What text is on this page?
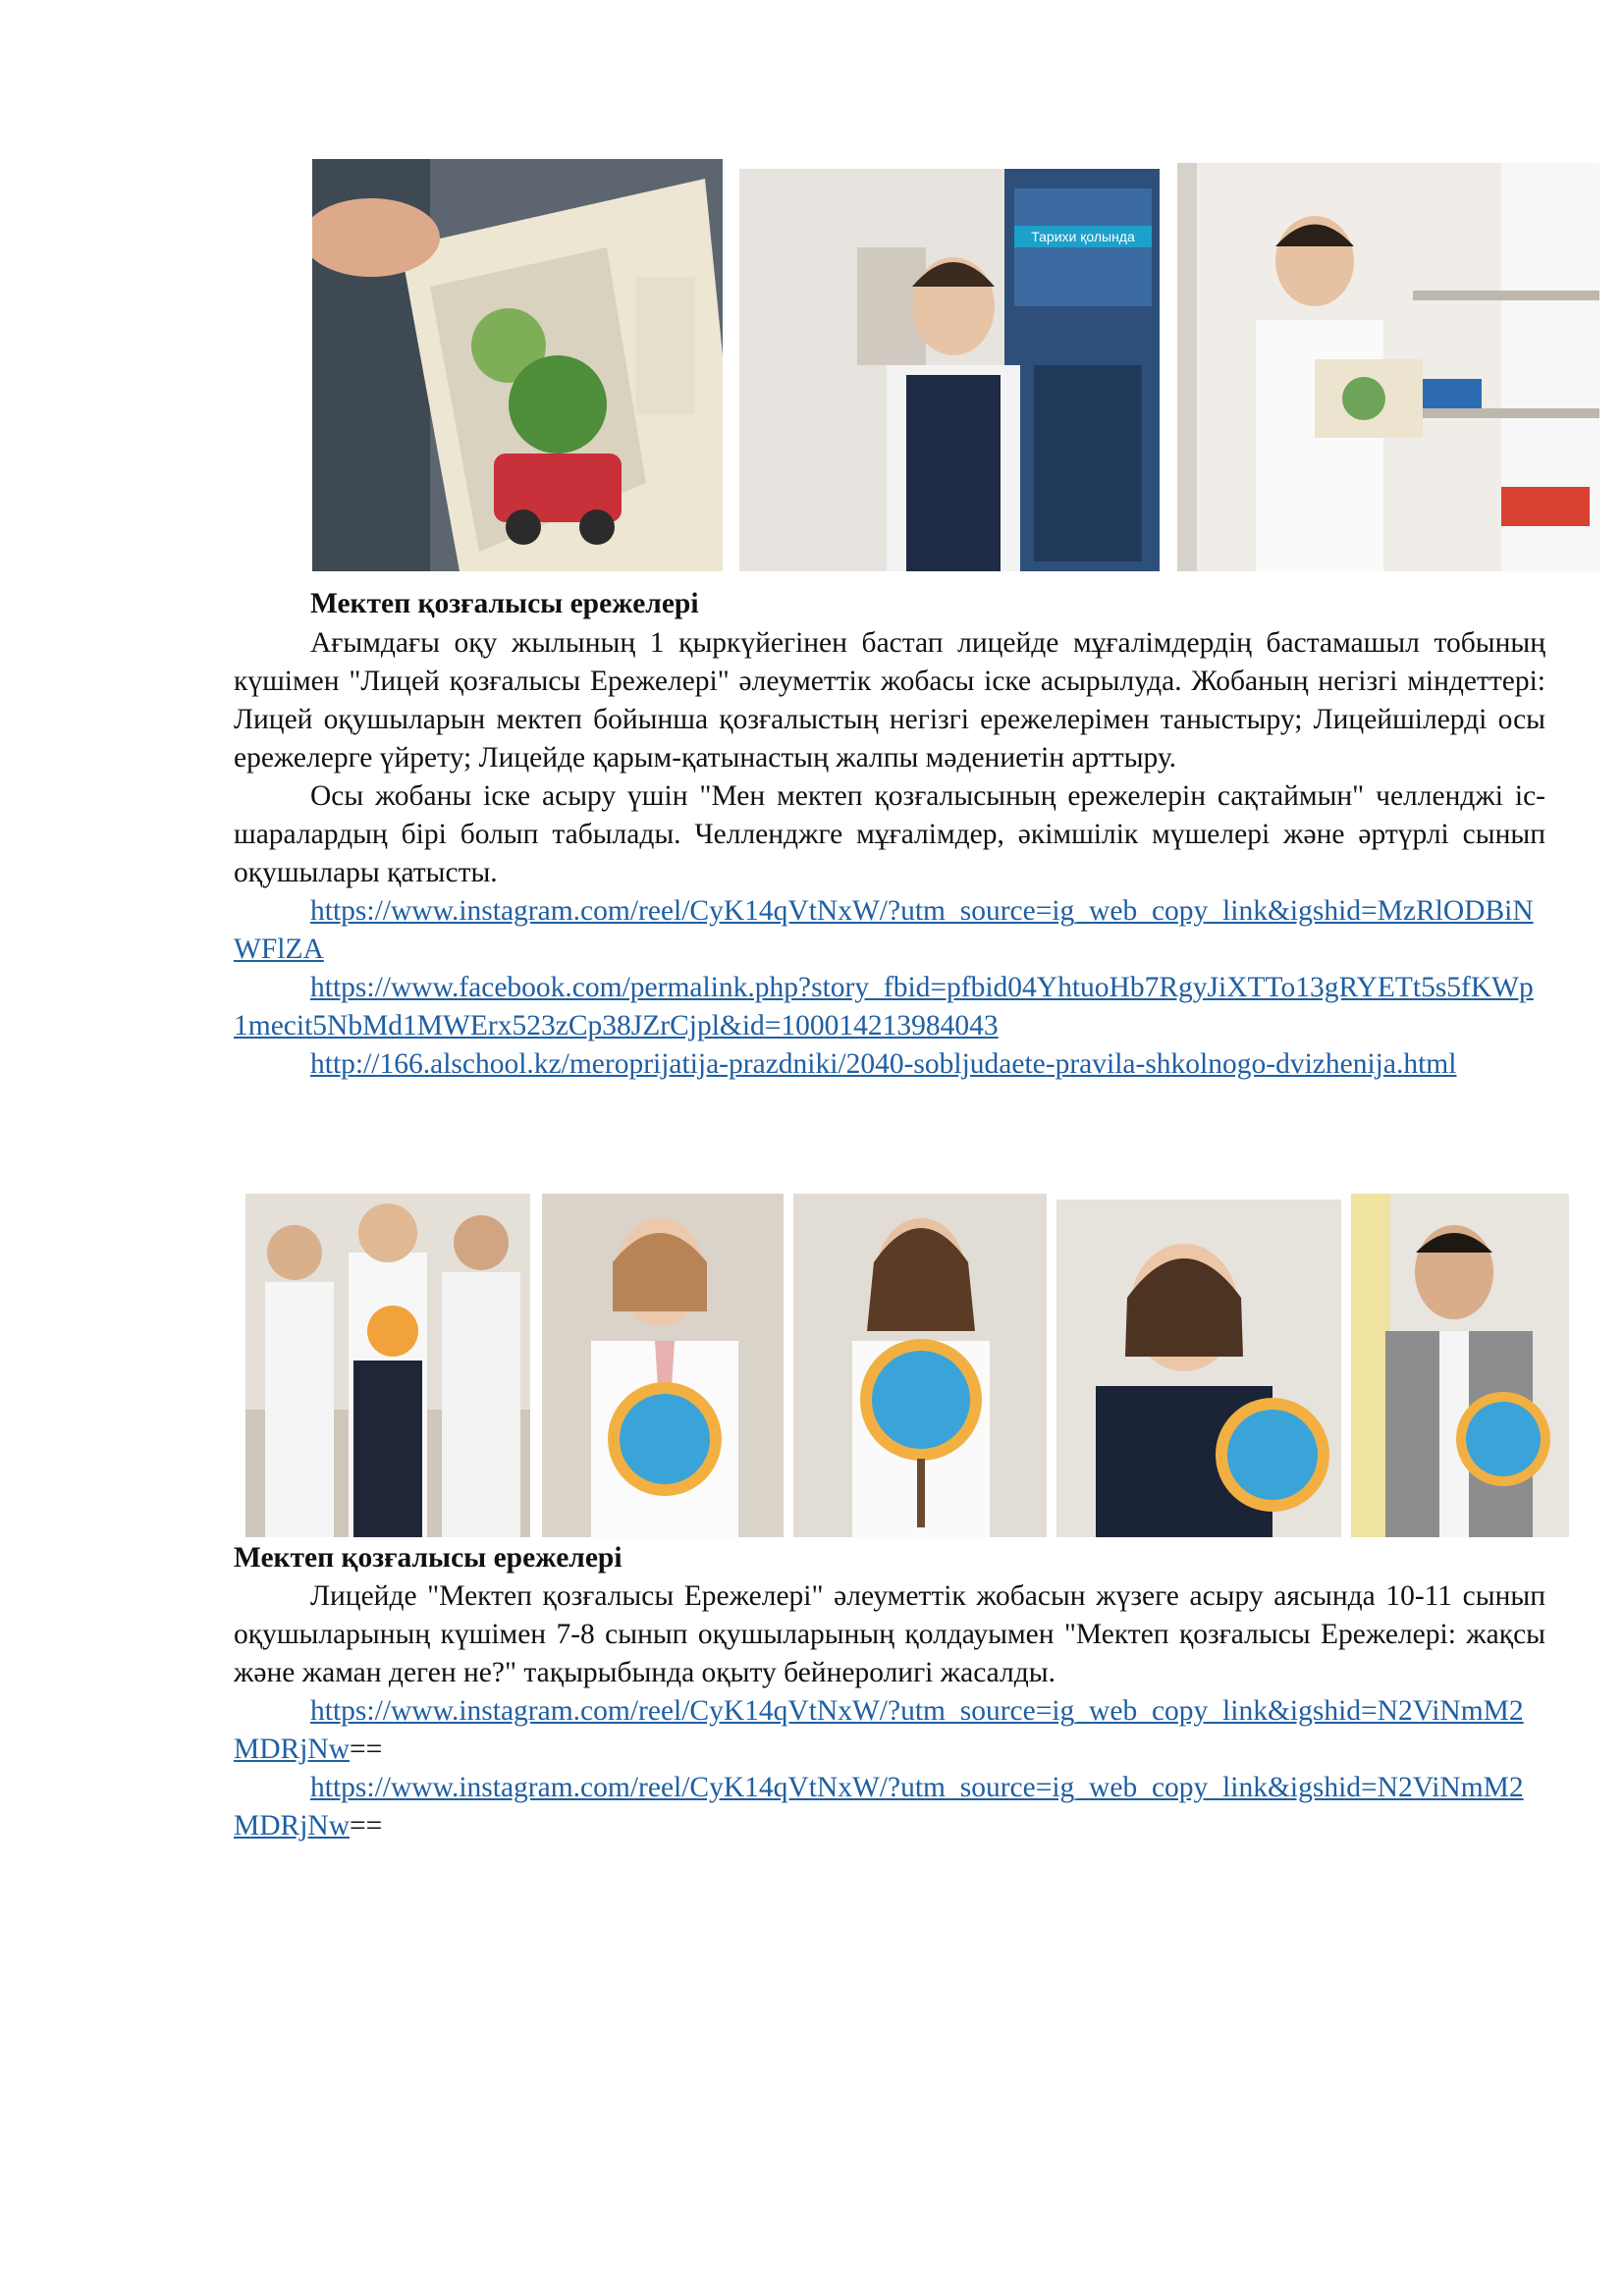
Тарихи қолында

Мектеп қозғалысы ережелері

Ағымдағы оқу жылының 1 қыркүйегінен бастап лицейде мұғалімдердің бастамашыл тобының күшімен "Лицей қозғалысы Ережелері" әлеуметтік жобасы іске асырылуда. Жобаның негізгі міндеттері: Лицей оқушыларын мектеп бойынша қозғалыстың негізгі ережелерімен таныстыру; Лицейшілерді осы ережелерге үйрету; Лицейде қарым-қатынастың жалпы мәдениетін арттыру.

Осы жобаны іске асыру үшін "Мен мектеп қозғалысының ережелерін сақтаймын" челленджі іс-шаралардың бірі болып табылады. Челленджге мұғалімдер, әкімшілік мүшелері және әртүрлі сынып оқушылары қатысты.

https://www.instagram.com/reel/CyK14qVtNxW/?utm_source=ig_web_copy_link&igshid=MzRlODBiNWFlZA

https://www.facebook.com/permalink.php?story_fbid=pfbid04YhtuoHb7RgyJiXTTo13gRYETt5s5fKWp1mecit5NbMd1MWErx523zCp38JZrCjpl&id=100014213984043

http://166.alschool.kz/meroprijatija-prazdniki/2040-sobljudaete-pravila-shkolnogo-dvizhenija.html

Мектеп қозғалысы ережелері

Лицейде "Мектеп қозғалысы Ережелері" әлеуметтік жобасын жүзеге асыру аясында 10-11 сынып оқушыларының күшімен 7-8 сынып оқушыларының қолдауымен "Мектеп қозғалысы Ережелері: жақсы және жаман деген не?" тақырыбында оқыту бейнеролигі жасалды.

https://www.instagram.com/reel/CyK14qVtNxW/?utm_source=ig_web_copy_link&igshid=N2ViNmM2MDRjNw==

https://www.instagram.com/reel/CyK14qVtNxW/?utm_source=ig_web_copy_link&igshid=N2ViNmM2MDRjNw==
